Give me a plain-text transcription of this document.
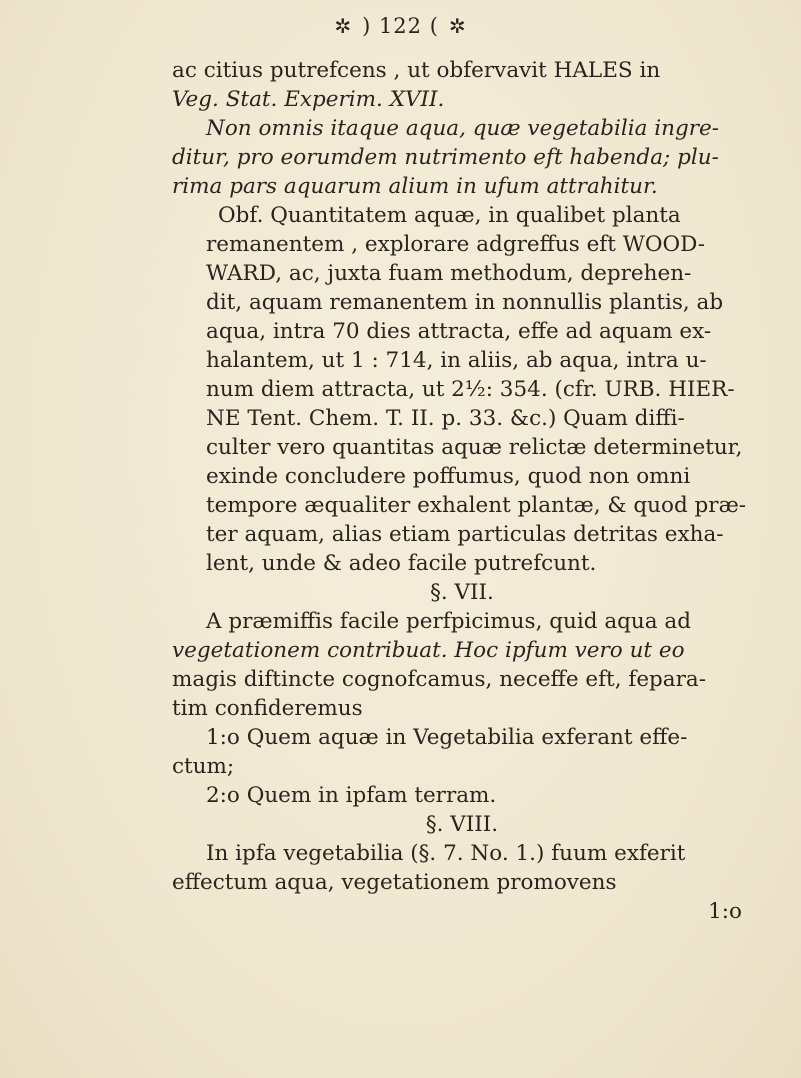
✲ ) 122 ( ✲
ac citius putrefcens , ut obfervavit HALES in
Veg. Stat. Experim. XVII.
Non omnis itaque aqua, quæ vegetabilia ingre-
ditur, pro eorumdem nutrimento eft habenda; plu-
rima pars aquarum alium in ufum attrahitur.
Obf. Quantitatem aquæ, in qualibet planta
remanentem , explorare adgreffus eft WOOD-
WARD, ac, juxta fuam methodum, deprehen-
dit, aquam remanentem in nonnullis plantis, ab
aqua, intra 70 dies attracta, effe ad aquam ex-
halantem, ut 1 : 714, in aliis, ab aqua, intra u-
num diem attracta, ut 2½: 354. (cfr. URB. HIER-
NE Tent. Chem. T. II. p. 33. &c.) Quam diffi-
culter vero quantitas aquæ relictæ determinetur,
exinde concludere poffumus, quod non omni
tempore æqualiter exhalent plantæ, & quod præ-
ter aquam, alias etiam particulas detritas exha-
lent, unde & adeo facile putrefcunt.
§. VII.
A præmiffis facile perfpicimus, quid aqua ad
vegetationem contribuat. Hoc ipfum vero ut eo
magis diftincte cognofcamus, neceffe eft, fepara-
tim confideremus
1:o Quem aquæ in Vegetabilia exferant effe-
ctum;
2:o Quem in ipfam terram.
§. VIII.
In ipfa vegetabilia (§. 7. No. 1.) fuum exferit
effectum aqua, vegetationem promovens
1:o
